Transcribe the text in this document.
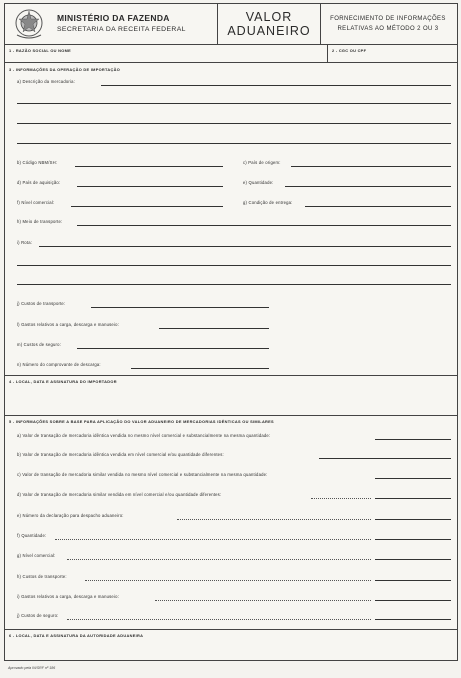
MINISTÉRIO DA FAZENDA
SECRETARIA DA RECEITA FEDERAL
VALOR
ADUANEIRO
FORNECIMENTO DE INFORMAÇÕES
RELATIVAS AO MÉTODO 2 OU 3
1 - RAZÃO SOCIAL OU NOME	2 - CGC OU CPF
3 - INFORMAÇÕES DA OPERAÇÃO DE IMPORTAÇÃO
a) Descrição da mercadoria:
b) Código NBM/SH:	c) País de origem:
d) País de aquisição:	e) Quantidade:
f) Nível comercial:	g) Condição de entrega:
h) Meio de transporte:
i) Rota:
j) Custos de transporte:
l) Gastos relativos a carga, descarga e manuseio:
m) Custos de seguro:
n) Número do comprovante de descarga:
4 - LOCAL, DATA E ASSINATURA DO IMPORTADOR
5 - INFORMAÇÕES SOBRE A BASE PARA APLICAÇÃO DO VALOR ADUANEIRO DE MERCADORIAS IDÊNTICAS OU SIMILARES
a) Valor de transação de mercadoria idêntica vendida no mesmo nível comercial e substancialmente na mesma quantidade:
b) Valor de transação de mercadoria idêntica vendida em nível comercial e/ou quantidade diferentes:
c) Valor de transação de mercadoria similar vendida no mesmo nível comercial e substancialmente na mesma quantidade:
d) Valor de transação de mercadoria similar vendida em nível comercial e/ou quantidade diferentes:
e) Número da declaração para despacho aduaneiro:
f) Quantidade:
g) Nível comercial:
h) Custos de transporte:
i) Gastos relativos a carga, descarga e manuseio:
j) Custos de seguro:
6 - LOCAL, DATA E ASSINATURA DA AUTORIDADE ADUANEIRA
Aprovado pela IN/SRF nº 186
